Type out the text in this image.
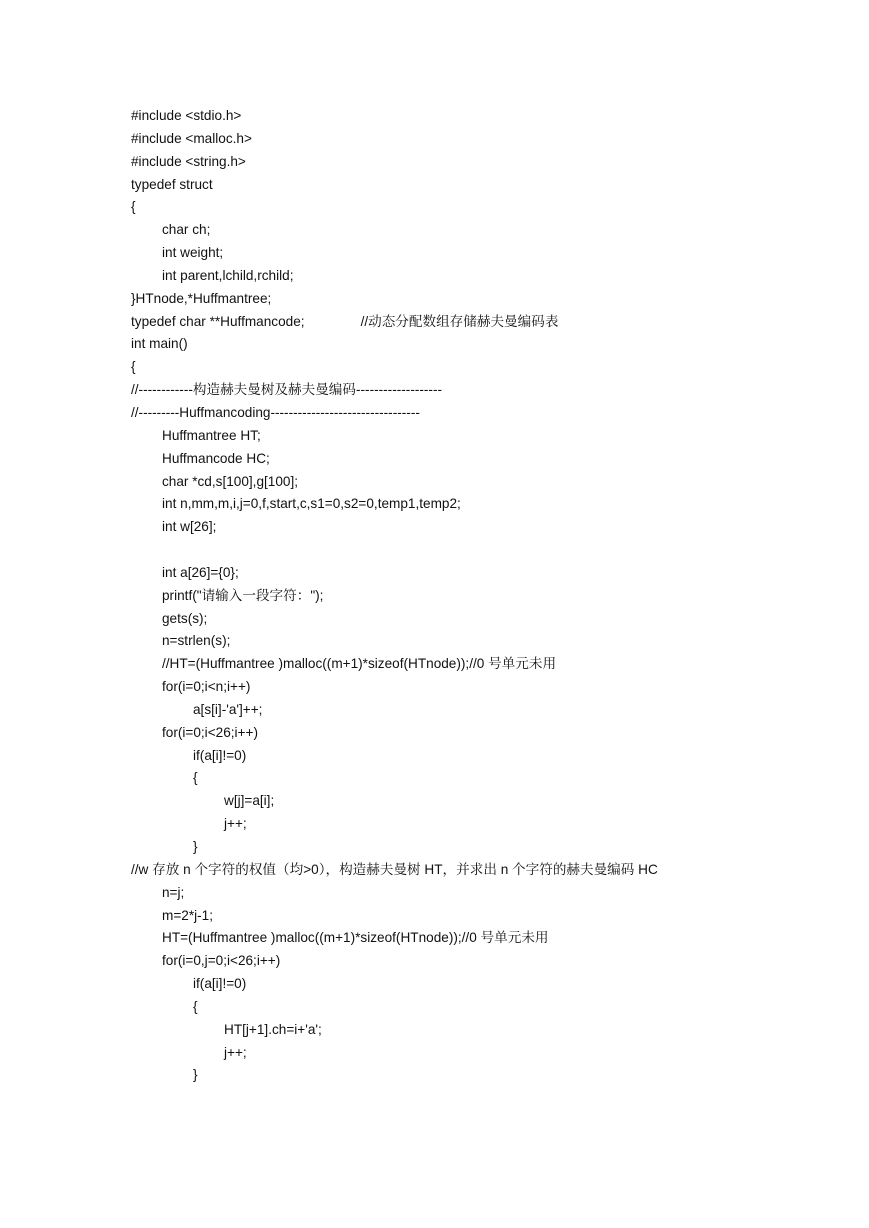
#include <stdio.h>
#include <malloc.h>
#include <string.h>
typedef struct
{
char ch;
int weight;
int parent,lchild,rchild;
}HTnode,*Huffmantree;
typedef char **Huffmancode;	//动态分配数组存储赫夫曼编码表
int main()
{
//------------构造赫夫曼树及赫夫曼编码-------------------
//---------Huffmancoding---------------------------------
Huffmantree HT;
Huffmancode HC;
char *cd,s[100],g[100];
int n,mm,m,i,j=0,f,start,c,s1=0,s2=0,temp1,temp2;
int w[26];
int a[26]={0};
printf("请输入一段字符：");
gets(s);
n=strlen(s);
//HT=(Huffmantree )malloc((m+1)*sizeof(HTnode));//0 号单元未用
for(i=0;i<n;i++)
a[s[i]-'a']++;
for(i=0;i<26;i++)
if(a[i]!=0)
{
w[j]=a[i];
j++;
}
//w 存放 n 个字符的权值（均>0），构造赫夫曼树 HT，并求出 n 个字符的赫夫曼编码 HC
n=j;
m=2*j-1;
HT=(Huffmantree )malloc((m+1)*sizeof(HTnode));//0 号单元未用
for(i=0,j=0;i<26;i++)
if(a[i]!=0)
{
HT[j+1].ch=i+'a';
j++;
}
